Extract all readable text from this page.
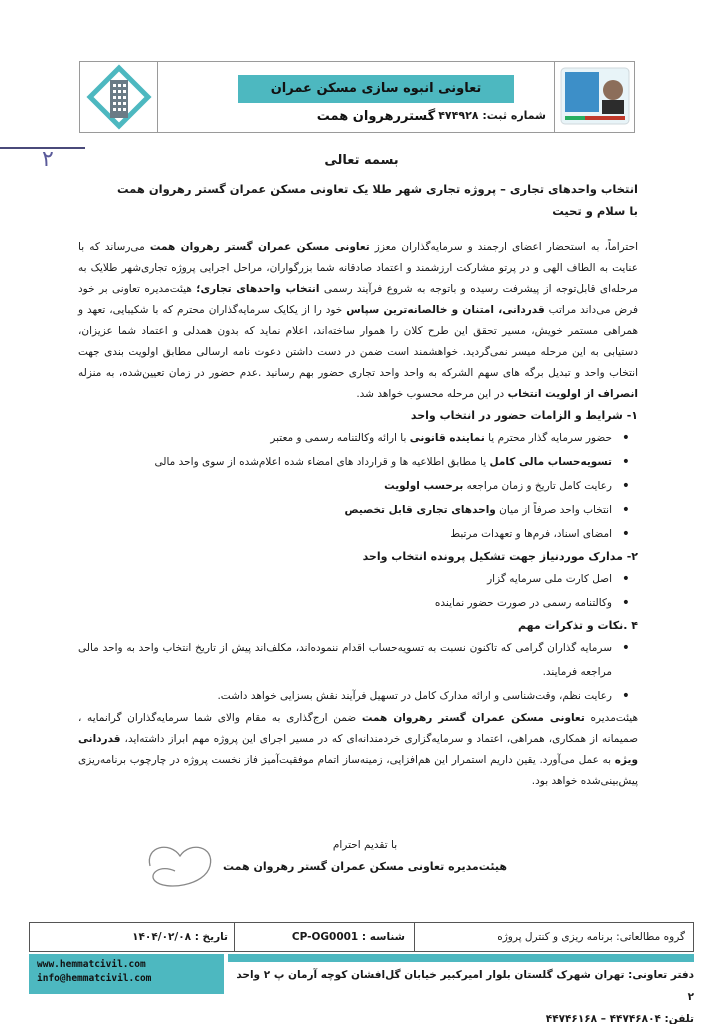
تعاونی انبوه سازی مسکن عمران گستررهروان همت شماره ثبت: ۴۷۴۹۲۸
۲	بسمه تعالی
انتخاب واحدهای تجاری – پروژه تجاری شهر طلا یک تعاونی مسکن عمران گستر رهروان همت
با سلام و تحیت

احتراماً، به استحضار اعضای ارجمند و سرمایه‌گذاران معزز تعاونی مسکن عمران گستر رهروان همت می‌رساند که با عنایت به الطاف الهی و در پرتو مشارکت ارزشمند و اعتماد صادقانه شما بزرگواران، مراحل اجرایی پروژه تجاری‌شهر طلایک به مرحله‌ای قابل‌توجه از پیشرفت رسیده و باتوجه به شروع فرآیند رسمی انتخاب واحدهای تجاری؛ هیئت‌مدیره تعاونی بر خود فرض می‌داند مراتب قدردانی، امتنان و خالصانه‌ترین سپاس خود را از یکایک سرمایه‌گذاران محترم که با شکیبایی، تعهد و همراهی مستمر خویش، مسیر تحقق این طرح کلان را هموار ساخته‌اند، اعلام نماید که بدون همدلی و اعتماد شما عزیزان، دستیابی به این مرحله میسر نمی‌گردید. خواهشمند است ضمن در دست داشتن دعوت نامه ارسالی مطابق اولویت بندی جهت انتخاب واحد و تبدیل برگه های سهم الشرکه به واحد واحد تجاری حضور بهم رسانید .عدم حضور در زمان تعیین‌شده، به منزله انصراف از اولویت انتخاب در این مرحله محسوب خواهد شد.

۱- شرایط و الزامات حضور در انتخاب واحد
• حضور سرمایه گذار محترم یا نماینده قانونی با ارائه وکالتنامه رسمی و معتبر
• تسویه‌حساب مالی کامل یا مطابق اطلاعیه ها و قرارداد های امضاء شده اعلام‌شده از سوی واحد مالی
• رعایت کامل تاریخ و زمان مراجعه برحسب اولویت
• انتخاب واحد صرفاً از میان واحدهای تجاری قابل تخصیص
• امضای اسناد، فرم‌ها و تعهدات مرتبط
۲- مدارک موردنیاز جهت تشکیل پرونده انتخاب واحد
• اصل کارت ملی سرمایه گزار
• وکالتنامه رسمی در صورت حضور نماینده
۴ .نکات و تذکرات مهم
• سرمایه گذاران گرامی که تاکنون نسبت به تسویه‌حساب اقدام ننموده‌اند، مکلف‌اند پیش از تاریخ انتخاب واحد به واحد مالی مراجعه فرمایند.
• رعایت نظم، وقت‌شناسی و ارائه مدارک کامل در تسهیل فرآیند نقش بسزایی خواهد داشت.

هیئت‌مدیره تعاونی مسکن عمران گستر رهروان همت ضمن ارج‌گذاری به مقام والای شما سرمایه‌گذاران گرانمایه ، صمیمانه از همکاری، همراهی، اعتماد و سرمایه‌گزاری خردمندانه‌ای که در مسیر اجرای این پروژه مهم ابراز داشته‌اید، قدردانی ویژه به عمل می‌آورد. یقین داریم استمرار این هم‌افزایی، زمینه‌ساز اتمام موفقیت‌آمیز فاز نخست پروژه در چارچوب برنامه‌ریزی پیش‌بینی‌شده خواهد بود.

با تقدیم احترام
هیئت‌مدیره تعاونی مسکن عمران گستر رهروان همت
گروه مطالعاتی: برنامه ریزی و کنترل پروژه
CP-OG0001 شناسه :
۱۴۰۴/۰۲/۰۸ تاریخ :
www.hemmatcivil.com
info@hemmatcivil.com	دفتر تعاونی: تهران شهرک گلستان بلوار امیرکبیر خیابان گل‌افشان کوچه آرمان پ ۲ واحد ۲
تلفن: ۴۴۷۴۶۸۰۴ – ۴۴۷۴۶۱۶۸
